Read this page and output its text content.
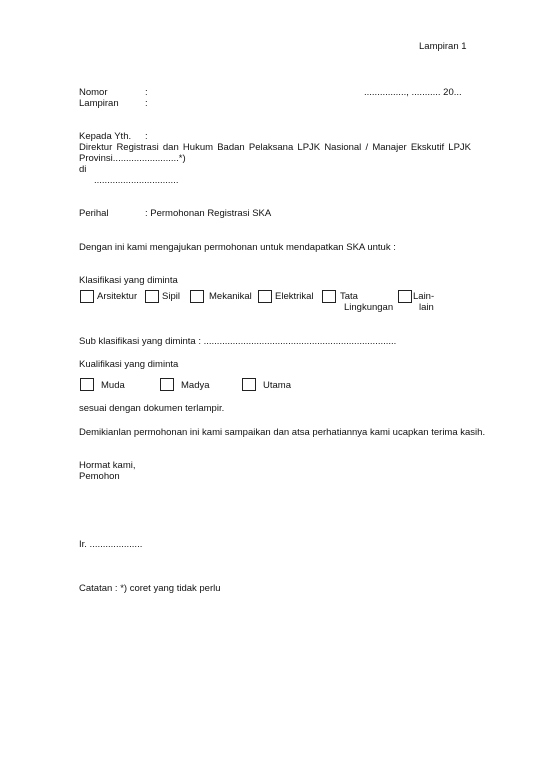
Lampiran 1
Nomor	:	................, ........... 20...
Lampiran	:
Kepada Yth. :
Direktur Registrasi dan Hukum Badan Pelaksana LPJK Nasional / Manajer Ekskutif LPJK
Provinsi.........................*)
di
................................
Perihal	: Permohonan Registrasi SKA
Dengan ini kami mengajukan permohonan untuk mendapatkan SKA untuk :
Klasifikasi yang diminta
Arsitektur	Sipil	Mekanikal Elektrikal	Tata
Lingkungan
Lain-
lain
Sub klasifikasi yang diminta : .........................................................................
Kualifikasi yang diminta
Muda	Madya	Utama
sesuai dengan dokumen terlampir.
Demikianlan permohonan ini kami sampaikan dan atsa perhatiannya kami ucapkan terima kasih.
Hormat kami,
Pemohon
Ir. ....................
Catatan : *) coret yang tidak perlu
